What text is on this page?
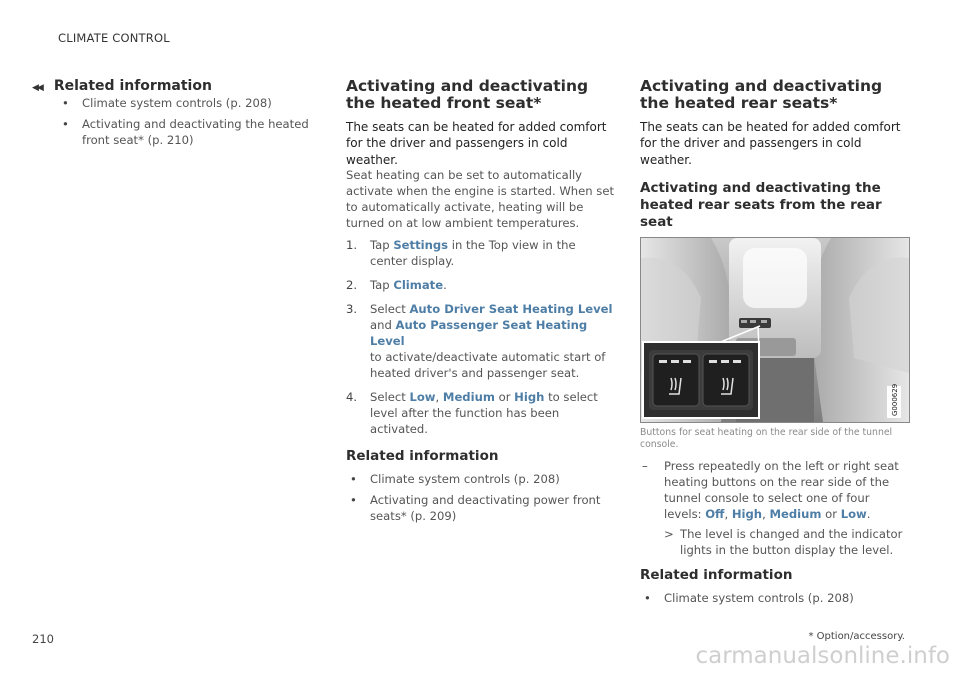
CLIMATE CONTROL
◀◀ Related information
• Climate system controls (p. 208)
• Activating and deactivating the heated front seat* (p. 210)
Activating and deactivating the heated front seat*

The seats can be heated for added comfort for the driver and passengers in cold weather.

Seat heating can be set to automatically activate when the engine is started. When set to automatically activate, heating will be turned on at low ambient temperatures.

1. Tap Settings in the Top view in the center display.
2. Tap Climate.
3. Select Auto Driver Seat Heating Level
and Auto Passenger Seat Heating Level
to activate/deactivate automatic start of heated driver's and passenger seat.
4. Select Low, Medium or High to select level after the function has been activated.
Related information
• Climate system controls (p. 208)
• Activating and deactivating power front seats* (p. 209)
Activating and deactivating the heated rear seats*

The seats can be heated for added comfort for the driver and passengers in cold weather.

Activating and deactivating the heated rear seats from the rear seat
G000629

Buttons for seat heating on the rear side of the tunnel console.

– Press repeatedly on the left or right seat heating buttons on the rear side of the tunnel console to select one of four levels: Off, High, Medium or Low.
> The level is changed and the indicator lights in the button display the level.
Related information
• Climate system controls (p. 208)
210	* Option/accessory.
carmanualsonline.info
